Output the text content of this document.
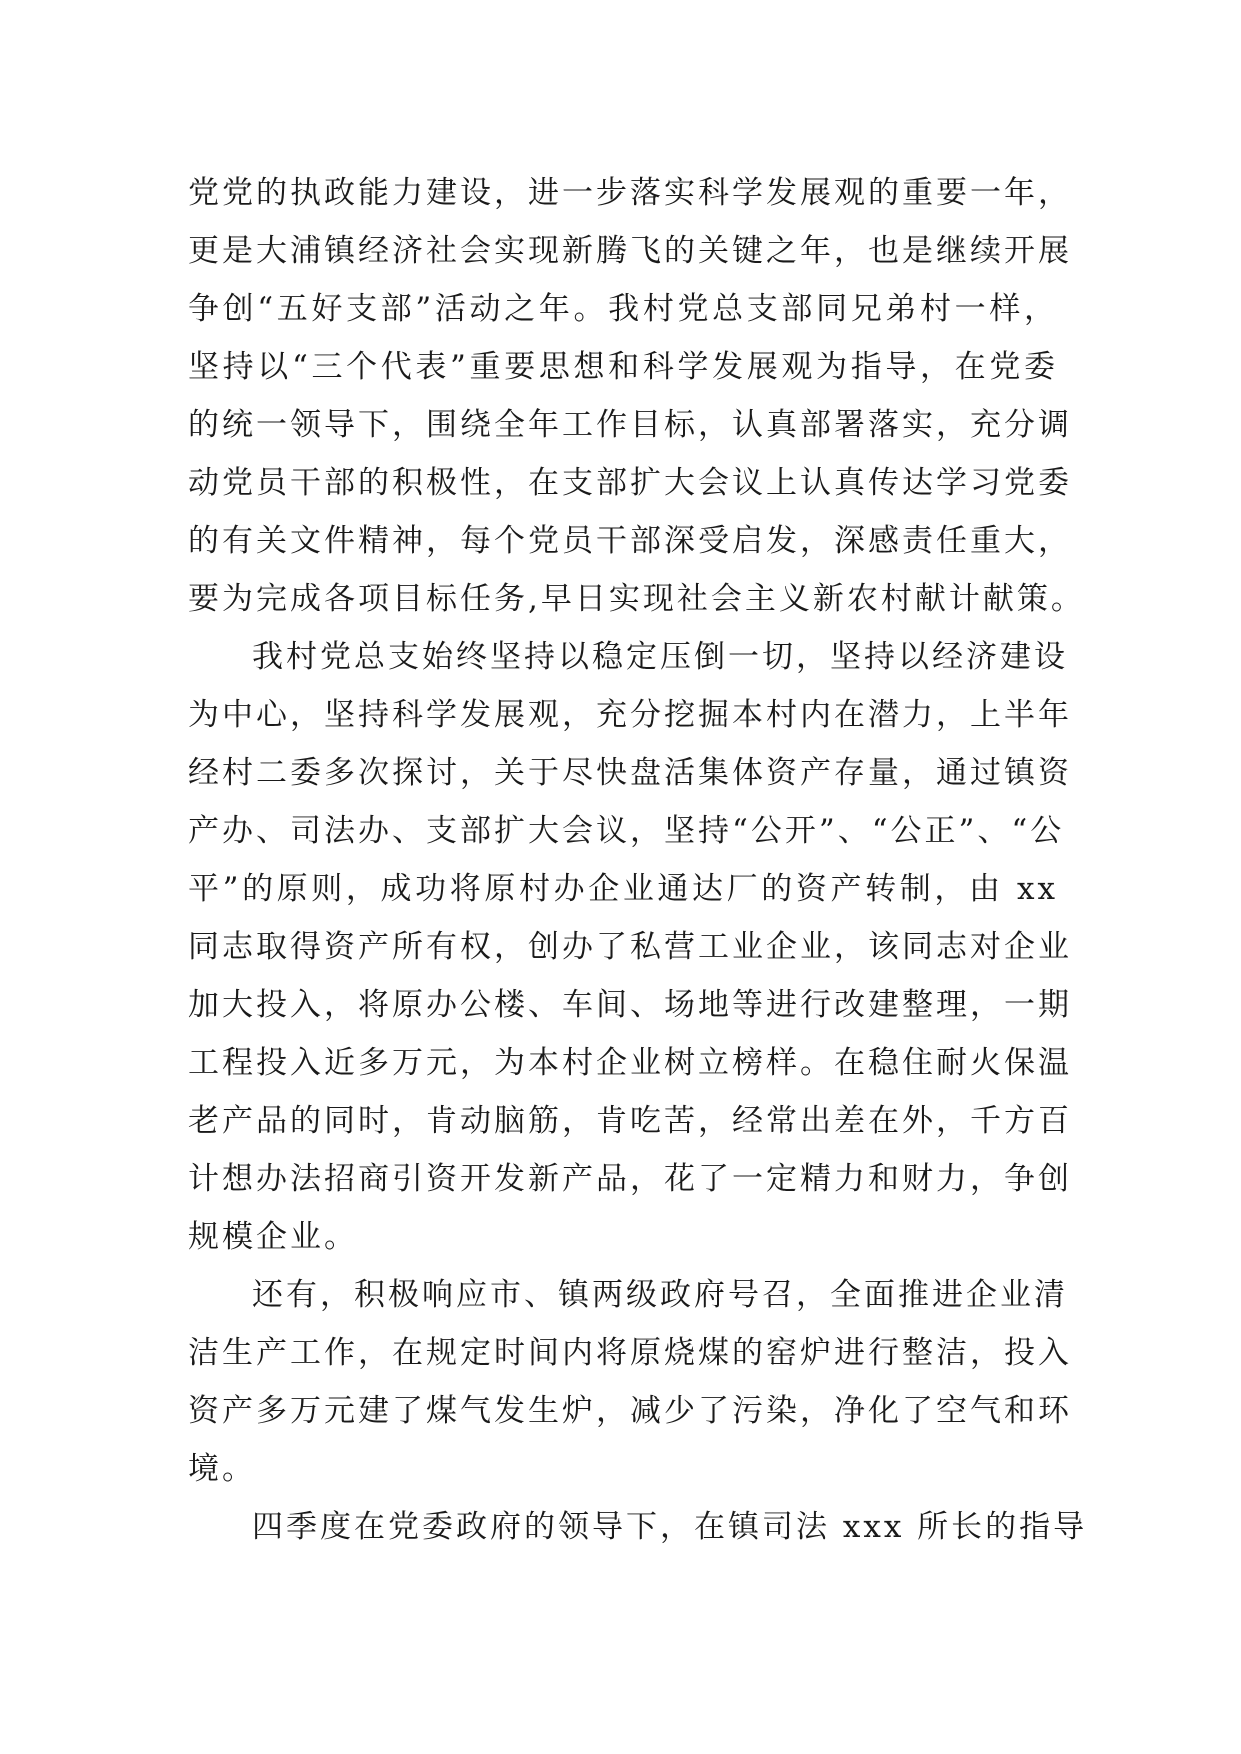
党党的执政能力建设，进一步落实科学发展观的重要一年，
更是大浦镇经济社会实现新腾飞的关键之年，也是继续开展
争创“五好支部”活动之年。我村党总支部同兄弟村一样，
坚持以“三个代表”重要思想和科学发展观为指导，在党委
的统一领导下，围绕全年工作目标，认真部署落实，充分调
动党员干部的积极性，在支部扩大会议上认真传达学习党委
的有关文件精神，每个党员干部深受启发，深感责任重大，
要为完成各项目标任务,早日实现社会主义新农村献计献策。
我村党总支始终坚持以稳定压倒一切，坚持以经济建设
为中心，坚持科学发展观，充分挖掘本村内在潜力，上半年
经村二委多次探讨，关于尽快盘活集体资产存量，通过镇资
产办、司法办、支部扩大会议，坚持“公开”、“公正”、“公
平”的原则，成功将原村办企业通达厂的资产转制，由 xx
同志取得资产所有权，创办了私营工业企业，该同志对企业
加大投入，将原办公楼、车间、场地等进行改建整理，一期
工程投入近多万元，为本村企业树立榜样。在稳住耐火保温
老产品的同时，肯动脑筋，肯吃苦，经常出差在外，千方百
计想办法招商引资开发新产品，花了一定精力和财力，争创
规模企业。
还有，积极响应市、镇两级政府号召，全面推进企业清
洁生产工作，在规定时间内将原烧煤的窑炉进行整洁，投入
资产多万元建了煤气发生炉，减少了污染，净化了空气和环
境。
四季度在党委政府的领导下，在镇司法 xxx 所长的指导
